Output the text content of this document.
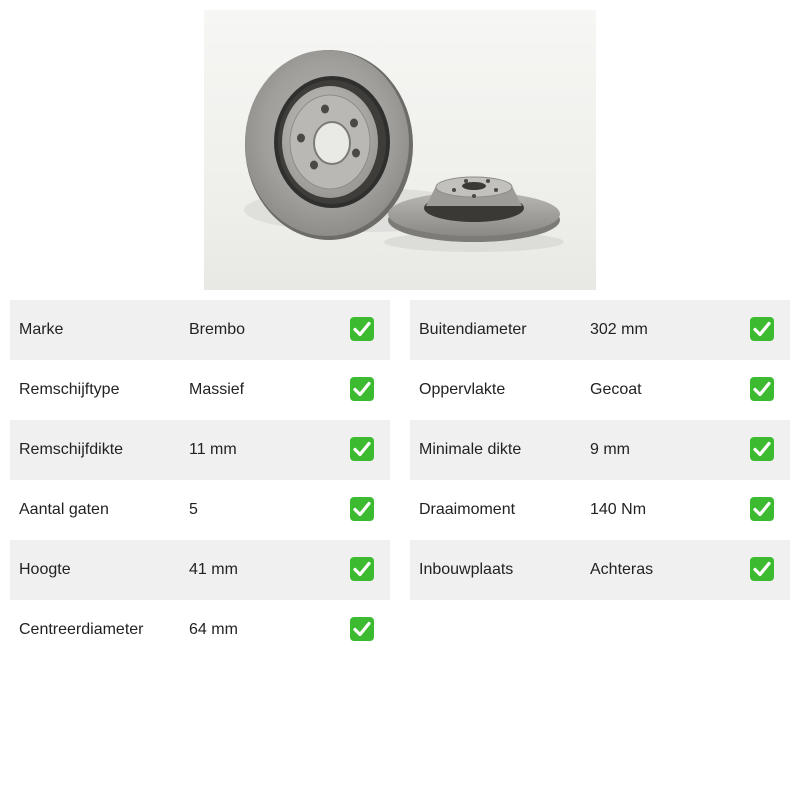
Marke	Brembo
Remschijftype	Massief
Remschijfdikte	11 mm
Aantal gaten	5
Hoogte	41 mm
Centreerdiameter	64 mm
Buitendiameter	302 mm
Oppervlakte	Gecoat
Minimale dikte	9 mm
Draaimoment	140 Nm
Inbouwplaats	Achteras
